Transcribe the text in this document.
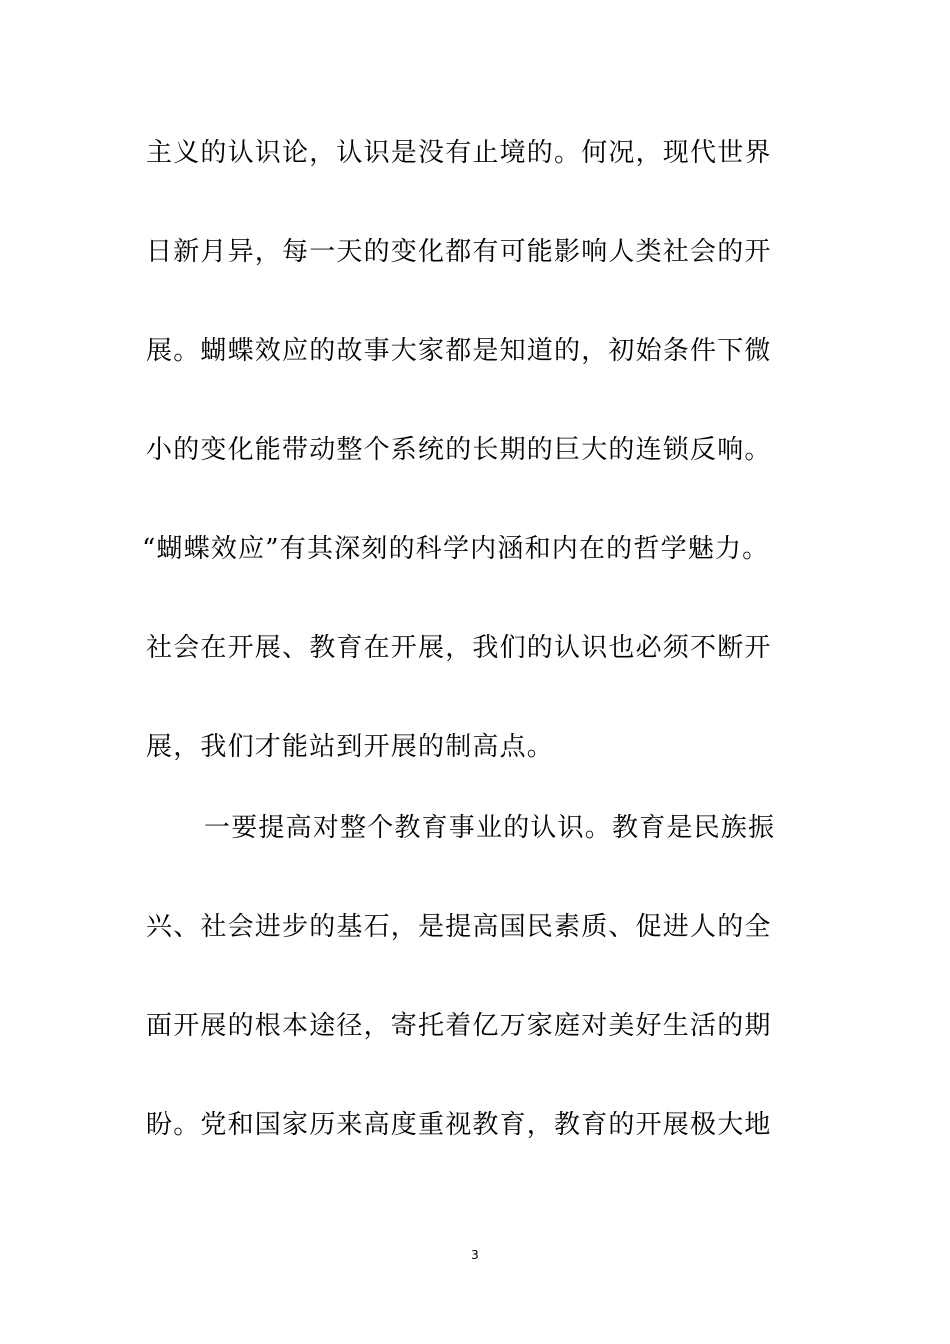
主义的认识论，认识是没有止境的。何况，现代世界
日新月异，每一天的变化都有可能影响人类社会的开
展。蝴蝶效应的故事大家都是知道的，初始条件下微
小的变化能带动整个系统的长期的巨大的连锁反响。
“蝴蝶效应”有其深刻的科学内涵和内在的哲学魅力。
社会在开展、教育在开展，我们的认识也必须不断开
展，我们才能站到开展的制高点。
一要提高对整个教育事业的认识。教育是民族振
兴、社会进步的基石，是提高国民素质、促进人的全
面开展的根本途径，寄托着亿万家庭对美好生活的期
盼。党和国家历来高度重视教育，教育的开展极大地
3
